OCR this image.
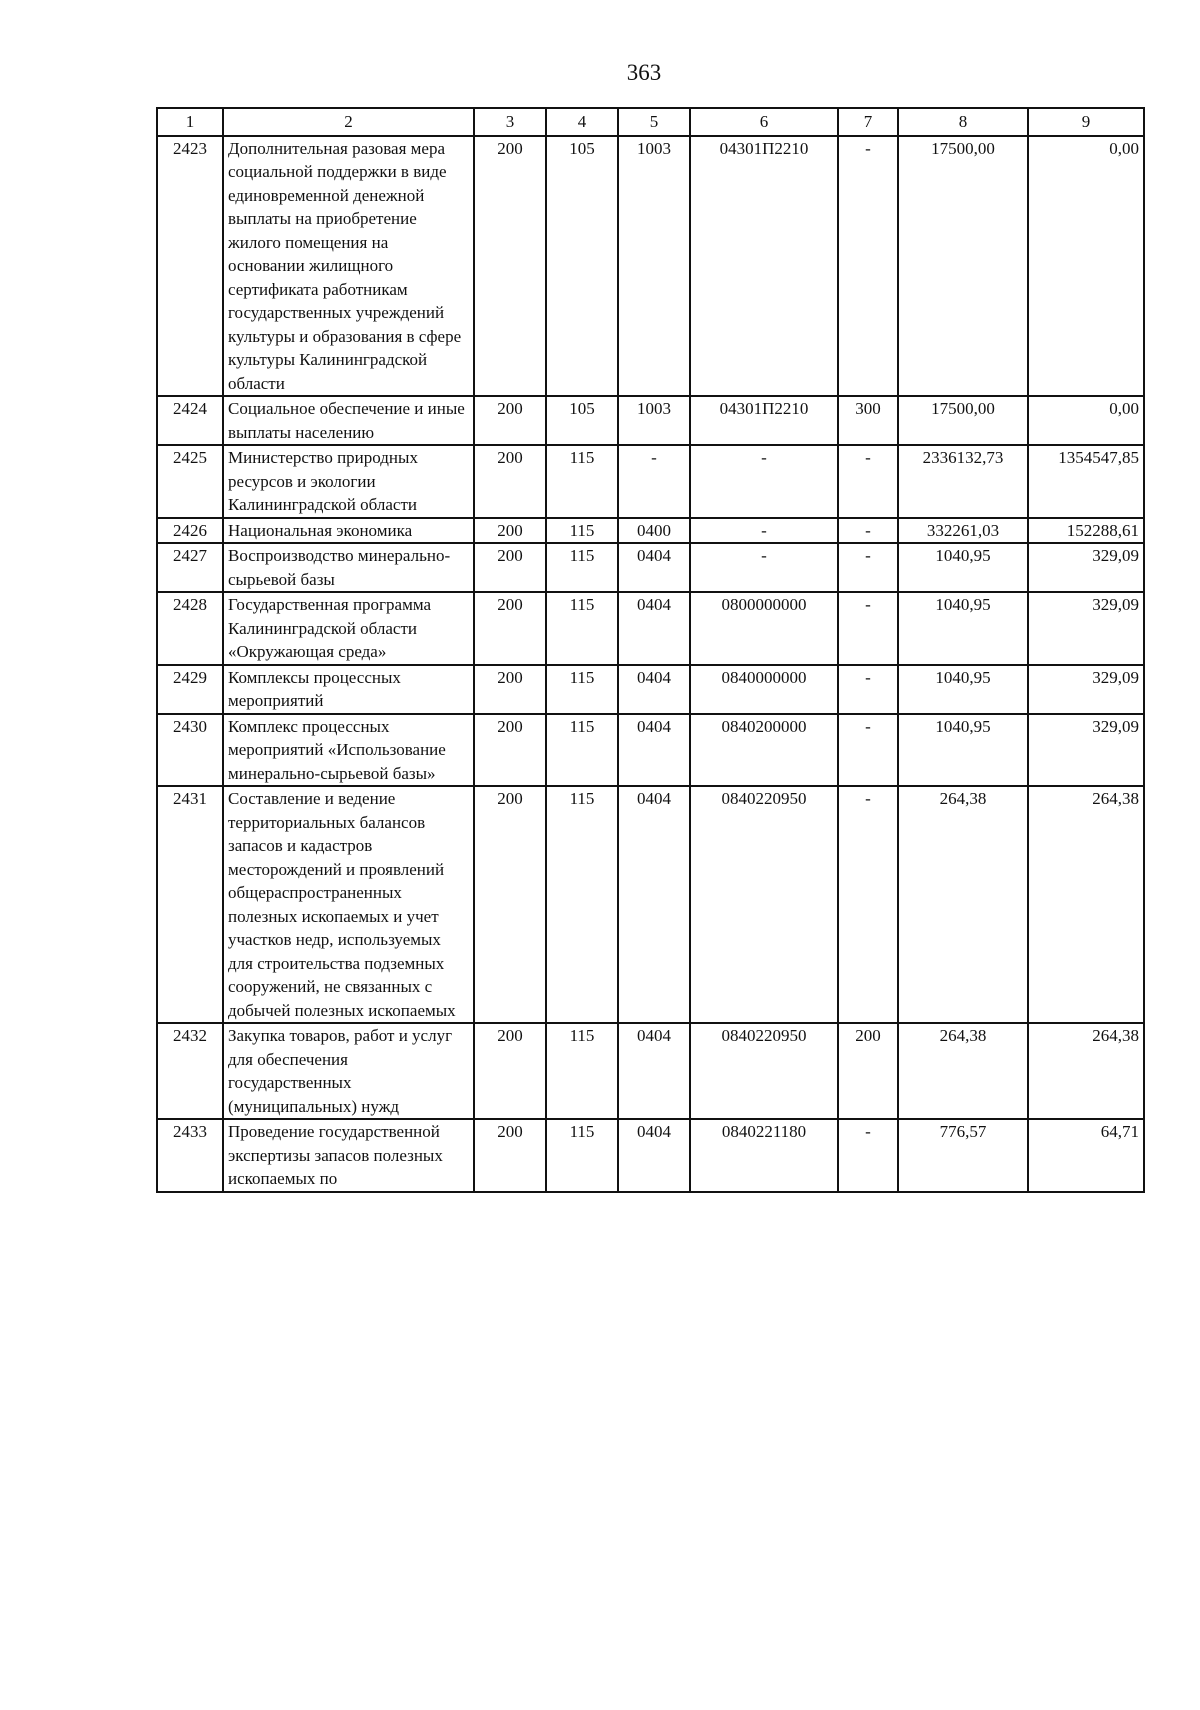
363
1	2	3	4	5	6	7	8	9
2423	Дополнительная разовая мера социальной поддержки в виде единовременной денежной выплаты на приобретение жилого помещения на основании жилищного сертификата работникам государственных учреждений культуры и образования в сфере культуры Калининградской области	200	105	1003	04301П2210	-	17500,00	0,00
2424	Социальное обеспечение и иные выплаты населению	200	105	1003	04301П2210	300	17500,00	0,00
2425	Министерство природных ресурсов и экологии Калининградской области	200	115	-	-	-	2336132,73	1354547,85
2426	Национальная экономика	200	115	0400	-	-	332261,03	152288,61
2427	Воспроизводство минерально-сырьевой базы	200	115	0404	-	-	1040,95	329,09
2428	Государственная программа Калининградской области «Окружающая среда»	200	115	0404	0800000000	-	1040,95	329,09
2429	Комплексы процессных мероприятий	200	115	0404	0840000000	-	1040,95	329,09
2430	Комплекс процессных мероприятий «Использование минерально-сырьевой базы»	200	115	0404	0840200000	-	1040,95	329,09
2431	Составление и ведение территориальных балансов запасов и кадастров месторождений и проявлений общераспространенных полезных ископаемых и учет участков недр, используемых для строительства подземных сооружений, не связанных с добычей полезных ископаемых	200	115	0404	0840220950	-	264,38	264,38
2432	Закупка товаров, работ и услуг для обеспечения государственных (муниципальных) нужд	200	115	0404	0840220950	200	264,38	264,38
2433	Проведение государственной экспертизы запасов полезных ископаемых по	200	115	0404	0840221180	-	776,57	64,71
